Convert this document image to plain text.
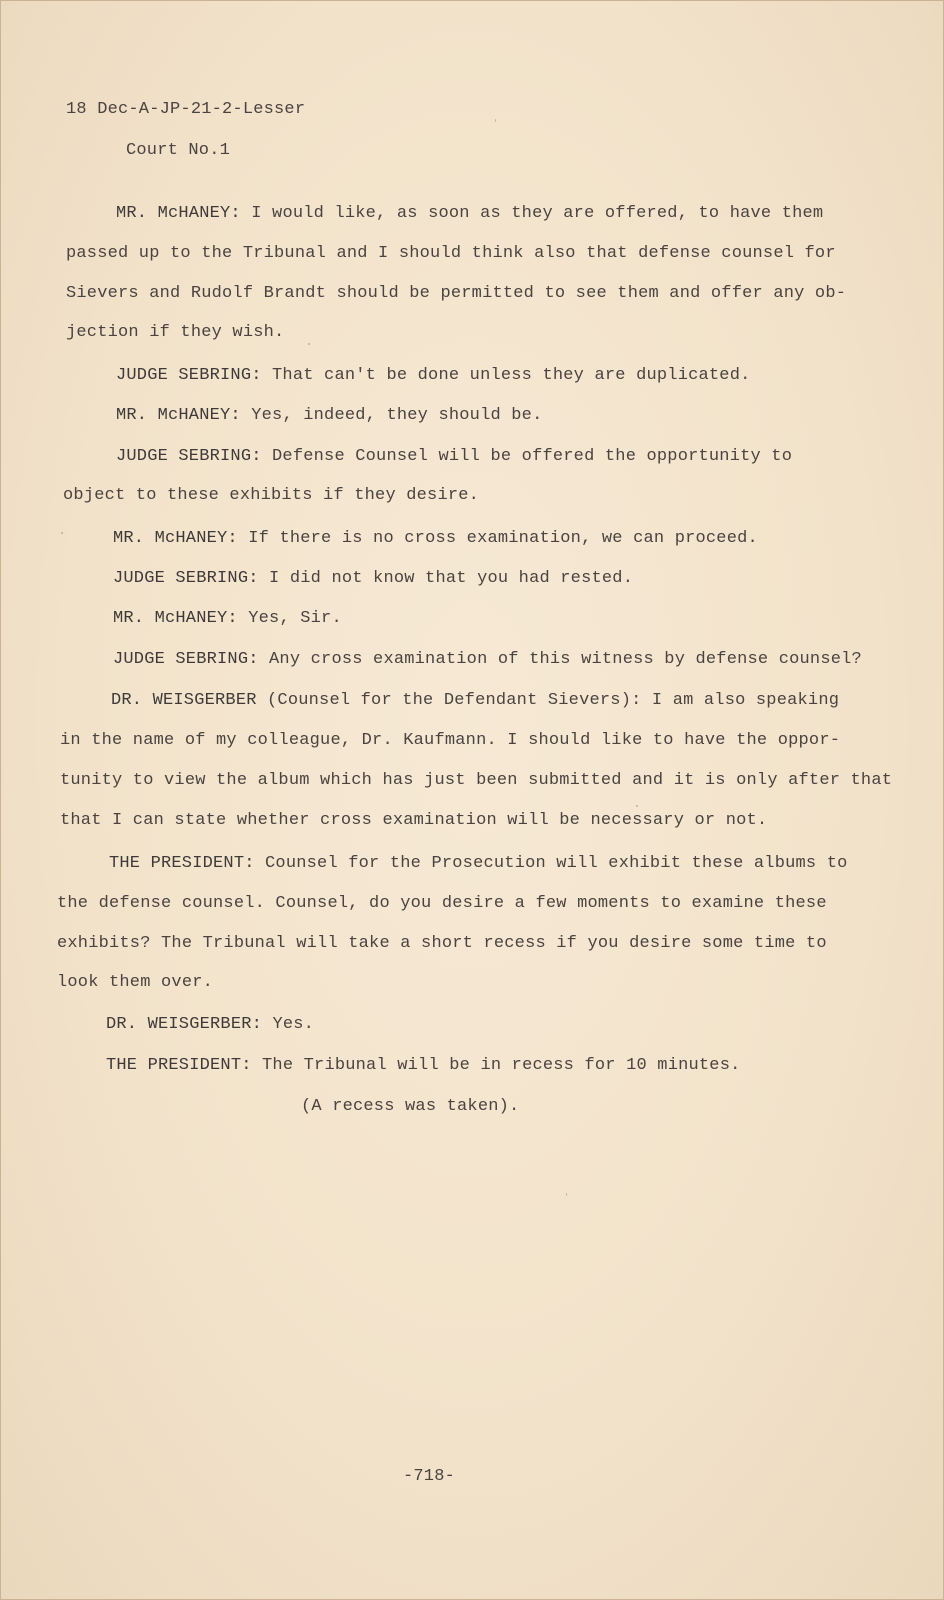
18 Dec-A-JP-21-2-Lesser
Court No.1
MR. McHANEY: I would like, as soon as they are offered, to have them
passed up to the Tribunal and I should think also that defense counsel for
Sievers and Rudolf Brandt should be permitted to see them and offer any ob-
jection if they wish.
JUDGE SEBRING: That can't be done unless they are duplicated.
MR. McHANEY: Yes, indeed, they should be.
JUDGE SEBRING: Defense Counsel will be offered the opportunity to
object to these exhibits if they desire.
MR. McHANEY: If there is no cross examination, we can proceed.
JUDGE SEBRING: I did not know that you had rested.
MR. McHANEY: Yes, Sir.
JUDGE SEBRING: Any cross examination of this witness by defense counsel?
DR. WEISGERBER (Counsel for the Defendant Sievers): I am also speaking
in the name of my colleague, Dr. Kaufmann. I should like to have the oppor-
tunity to view the album which has just been submitted and it is only after that
that I can state whether cross examination will be necessary or not.
THE PRESIDENT: Counsel for the Prosecution will exhibit these albums to
the defense counsel. Counsel, do you desire a few moments to examine these
exhibits? The Tribunal will take a short recess if you desire some time to
look them over.
DR. WEISGERBER: Yes.
THE PRESIDENT: The Tribunal will be in recess for 10 minutes.
(A recess was taken).
-718-
